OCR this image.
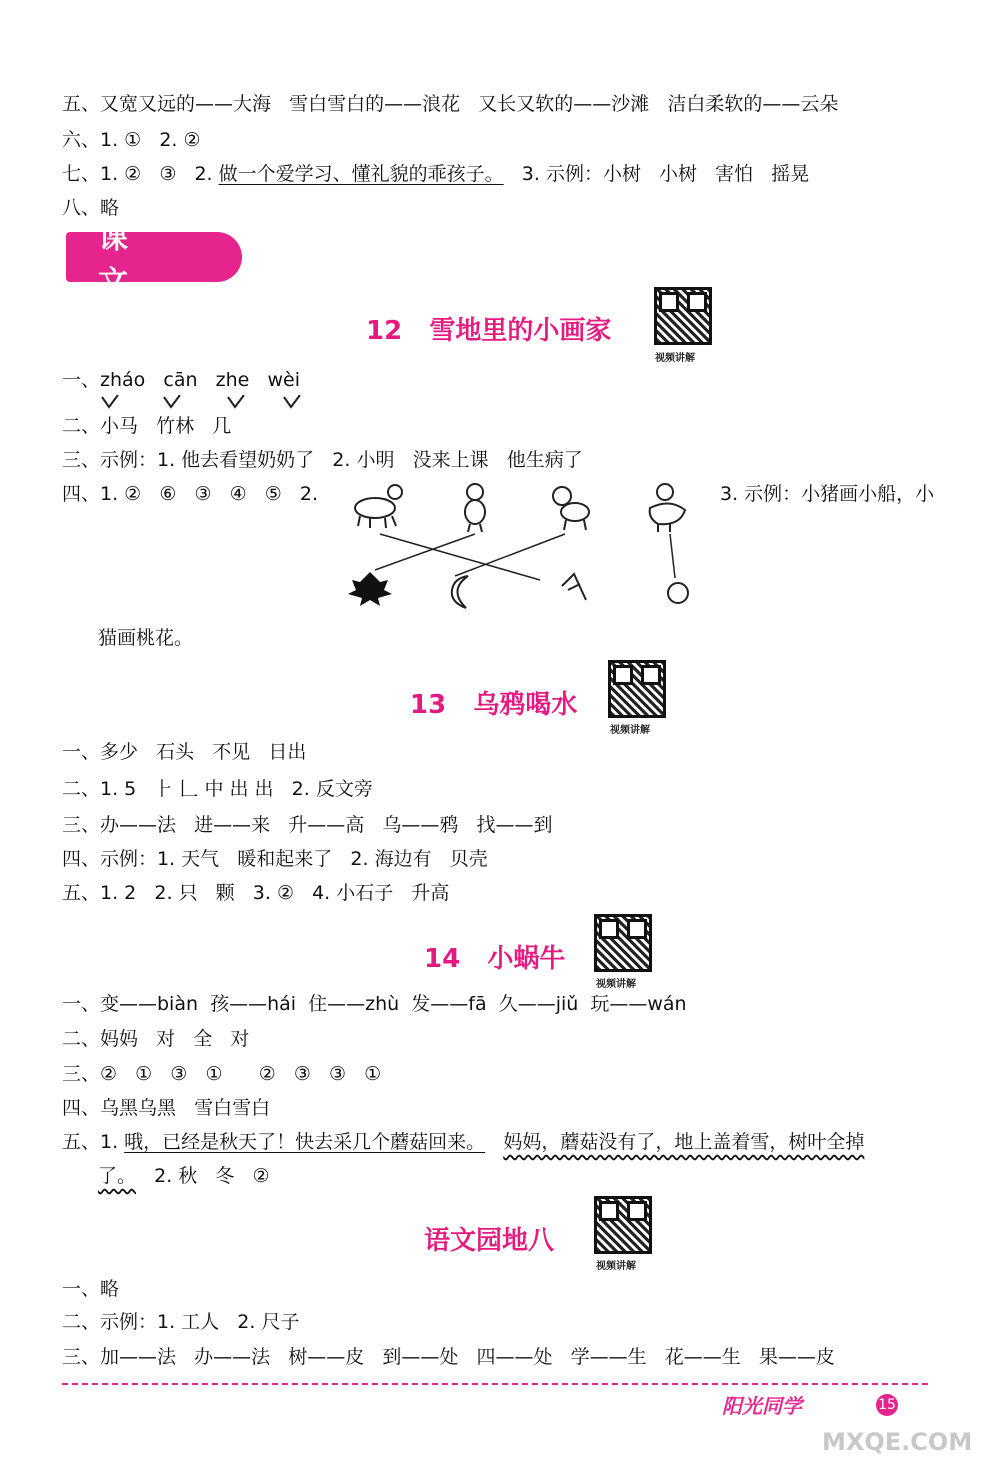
五、又宽又远的——大海   雪白雪白的——浪花   又长又软的——沙滩   洁白柔软的——云朵
六、1. ①   2. ②
七、1. ②   ③   2. 做一个爱学习、懂礼貌的乖孩子。   3. 示例：小树   小树   害怕   摇晃
八、略
课 文
12   雪地里的小画家
视频讲解
一、zháo   cān   zhe   wèi
二、小马   竹林   几
三、示例：1. 他去看望奶奶了   2. 小明   没来上课   他生病了
四、1. ②   ⑥   ③   ④   ⑤   2.	3. 示例：小猪画小船，小
猫画桃花。
13   乌鸦喝水
视频讲解
一、多少   石头   不见   日出
二、1. 5   ⺊ 𠃊 中 出 出   2. 反文旁
三、办——法   进——来   升——高   乌——鸦   找——到
四、示例：1. 天气   暖和起来了   2. 海边有   贝壳
五、1. 2   2. 只   颗   3. ②   4. 小石子   升高
14   小蜗牛
视频讲解
一、变——biàn  孩——hái  住——zhù  发——fā  久——jiǔ  玩——wán
二、妈妈   对   全   对
三、②   ①   ③   ①      ②   ③   ③   ①
四、乌黑乌黑   雪白雪白
五、1. 哦，已经是秋天了！快去采几个蘑菇回来。 妈妈，蘑菇没有了，地上盖着雪，树叶全掉
了。   2. 秋   冬   ②
语文园地八
视频讲解
一、略
二、示例：1. 工人   2. 尺子
三、加——法   办——法   树——皮   到——处   四——处   学——生   花——生   果——皮
阳光同学	15
MXQE.COM
